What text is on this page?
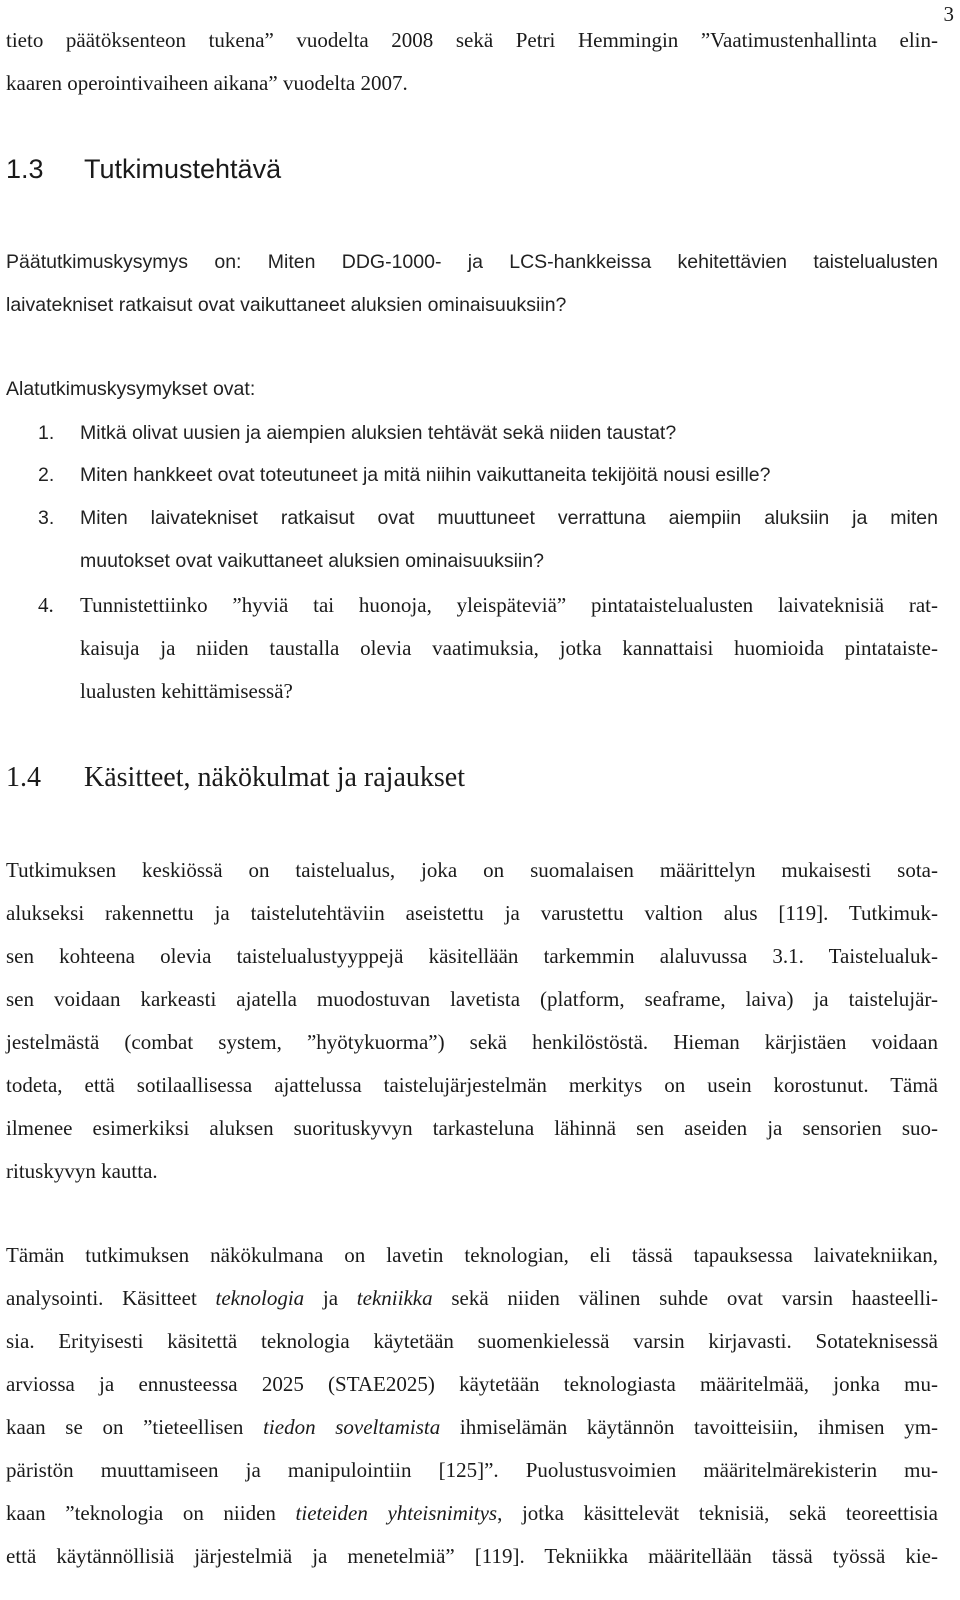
3
tieto päätöksenteon tukena” vuodelta 2008 sekä Petri Hemmingin ”Vaatimustenhallinta elin-
kaaren operointivaiheen aikana” vuodelta 2007.
1.3 Tutkimustehtävä
Päätutkimuskysymys on: Miten DDG-1000- ja LCS-hankkeissa kehitettävien taistelualusten
laivatekniset ratkaisut ovat vaikuttaneet aluksien ominaisuuksiin?
Alatutkimuskysymykset ovat:
1. Mitkä olivat uusien ja aiempien aluksien tehtävät sekä niiden taustat?
2. Miten hankkeet ovat toteutuneet ja mitä niihin vaikuttaneita tekijöitä nousi esille?
3. Miten laivatekniset ratkaisut ovat muuttuneet verrattuna aiempiin aluksiin ja miten
muutokset ovat vaikuttaneet aluksien ominaisuuksiin?
4. Tunnistettiinko ”hyviä tai huonoja, yleispäteviä” pintataistelualusten laivateknisiä rat-
kaisuja ja niiden taustalla olevia vaatimuksia, jotka kannattaisi huomioida pintataiste-
lualusten kehittämisessä?
1.4 Käsitteet, näkökulmat ja rajaukset
Tutkimuksen keskiössä on taistelualus, joka on suomalaisen määrittelyn mukaisesti sota-
alukseksi rakennettu ja taistelutehtäviin aseistettu ja varustettu valtion alus [119]. Tutkimuk-
sen kohteena olevia taistelualustyyppejä käsitellään tarkemmin alaluvussa 3.1. Taistelualuk-
sen voidaan karkeasti ajatella muodostuvan lavetista (platform, seaframe, laiva) ja taistelujär-
jestelmästä (combat system, ”hyötykuorma”) sekä henkilöstöstä. Hieman kärjistäen voidaan
todeta, että sotilaallisessa ajattelussa taistelujärjestelmän merkitys on usein korostunut. Tämä
ilmenee esimerkiksi aluksen suorituskyvyn tarkasteluna lähinnä sen aseiden ja sensorien suo-
rituskyvyn kautta.
Tämän tutkimuksen näkökulmana on lavetin teknologian, eli tässä tapauksessa laivatekniikan,
analysointi. Käsitteet teknologia ja tekniikka sekä niiden välinen suhde ovat varsin haasteelli-
sia. Erityisesti käsitettä teknologia käytetään suomenkielessä varsin kirjavasti. Sotateknisessä
arviossa ja ennusteessa 2025 (STAE2025) käytetään teknologiasta määritelmää, jonka mu-
kaan se on ”tieteellisen tiedon soveltamista ihmiselämän käytännön tavoitteisiin, ihmisen ym-
päristön muuttamiseen ja manipulointiin [125]”. Puolustusvoimien määritelmärekisterin mu-
kaan ”teknologia on niiden tieteiden yhteisnimitys, jotka käsittelevät teknisiä, sekä teoreettisia
että käytännöllisiä järjestelmiä ja menetelmiä” [119]. Tekniikka määritellään tässä työssä kie-
